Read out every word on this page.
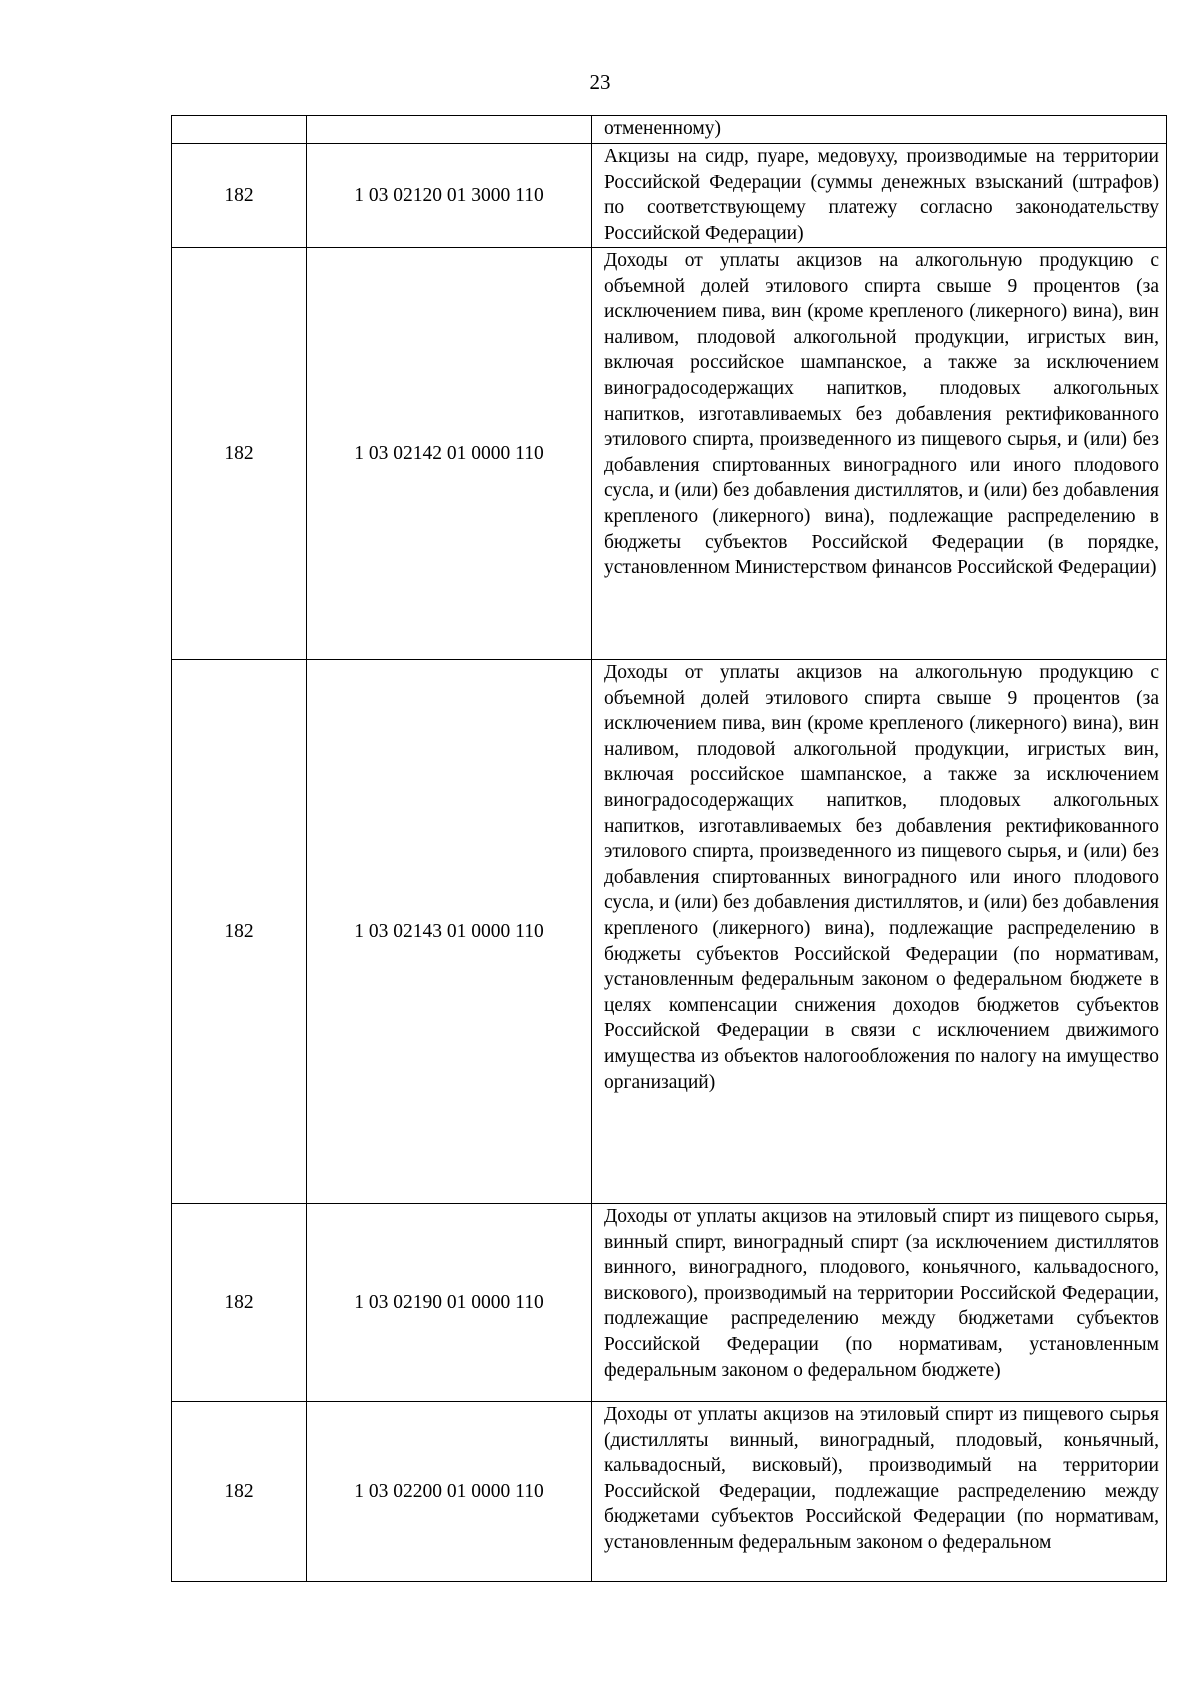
23

		отмененному)

182	1 03 02120 01 3000 110	Акцизы на сидр, пуаре, медовуху, производимые на территории Российской Федерации (суммы денежных взысканий (штрафов) по соответствующему платежу согласно законодательству Российской Федерации)

182	1 03 02142 01 0000 110	Доходы от уплаты акцизов на алкогольную продукцию с объемной долей этилового спирта свыше 9 процентов (за исключением пива, вин (кроме крепленого (ликерного) вина), вин наливом, плодовой алкогольной продукции, игристых вин, включая российское шампанское, а также за исключением виноградосодержащих напитков, плодовых алкогольных напитков, изготавливаемых без добавления ректификованного этилового спирта, произведенного из пищевого сырья, и (или) без добавления спиртованных виноградного или иного плодового сусла, и (или) без добавления дистиллятов, и (или) без добавления крепленого (ликерного) вина), подлежащие распределению в бюджеты субъектов Российской Федерации (в порядке, установленном Министерством финансов Российской Федерации)

182	1 03 02143 01 0000 110	Доходы от уплаты акцизов на алкогольную продукцию с объемной долей этилового спирта свыше 9 процентов (за исключением пива, вин (кроме крепленого (ликерного) вина), вин наливом, плодовой алкогольной продукции, игристых вин, включая российское шампанское, а также за исключением виноградосодержащих напитков, плодовых алкогольных напитков, изготавливаемых без добавления ректификованного этилового спирта, произведенного из пищевого сырья, и (или) без добавления спиртованных виноградного или иного плодового сусла, и (или) без добавления дистиллятов, и (или) без добавления крепленого (ликерного) вина), подлежащие распределению в бюджеты субъектов Российской Федерации (по нормативам, установленным федеральным законом о федеральном бюджете в целях компенсации снижения доходов бюджетов субъектов Российской Федерации в связи с исключением движимого имущества из объектов налогообложения по налогу на имущество организаций)

182	1 03 02190 01 0000 110	Доходы от уплаты акцизов на этиловый спирт из пищевого сырья, винный спирт, виноградный спирт (за исключением дистиллятов винного, виноградного, плодового, коньячного, кальвадосного, вискового), производимый на территории Российской Федерации, подлежащие распределению между бюджетами субъектов Российской Федерации (по нормативам, установленным федеральным законом о федеральном бюджете)

182	1 03 02200 01 0000 110	Доходы от уплаты акцизов на этиловый спирт из пищевого сырья (дистилляты винный, виноградный, плодовый, коньячный, кальвадосный, висковый), производимый на территории Российской Федерации, подлежащие распределению между бюджетами субъектов Российской Федерации (по нормативам, установленным федеральным законом о федеральном
